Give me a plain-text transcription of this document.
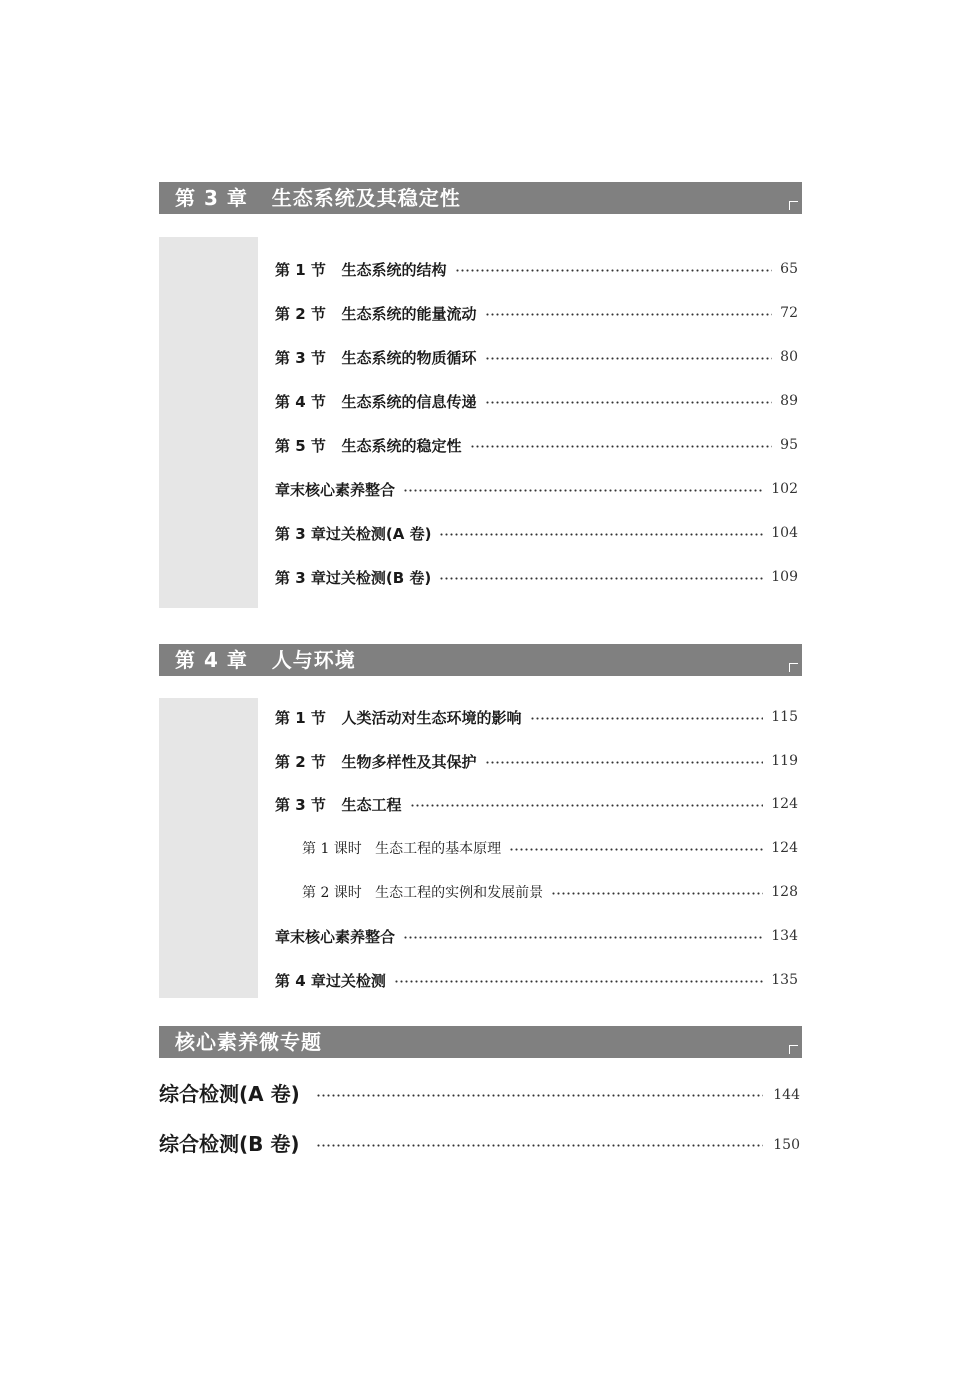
第 3 章   生态系统及其稳定性
第 1 节   生态系统的结构	65
第 2 节   生态系统的能量流动	72
第 3 节   生态系统的物质循环	80
第 4 节   生态系统的信息传递	89
第 5 节   生态系统的稳定性	95
章末核心素养整合	102
第 3 章过关检测(A 卷)	104
第 3 章过关检测(B 卷)	109
第 4 章   人与环境
第 1 节   人类活动对生态环境的影响	115
第 2 节   生物多样性及其保护	119
第 3 节   生态工程	124
第 1 课时   生态工程的基本原理	124
第 2 课时   生态工程的实例和发展前景	128
章末核心素养整合	134
第 4 章过关检测	135
核心素养微专题
综合检测(A 卷)	144
综合检测(B 卷)	150
